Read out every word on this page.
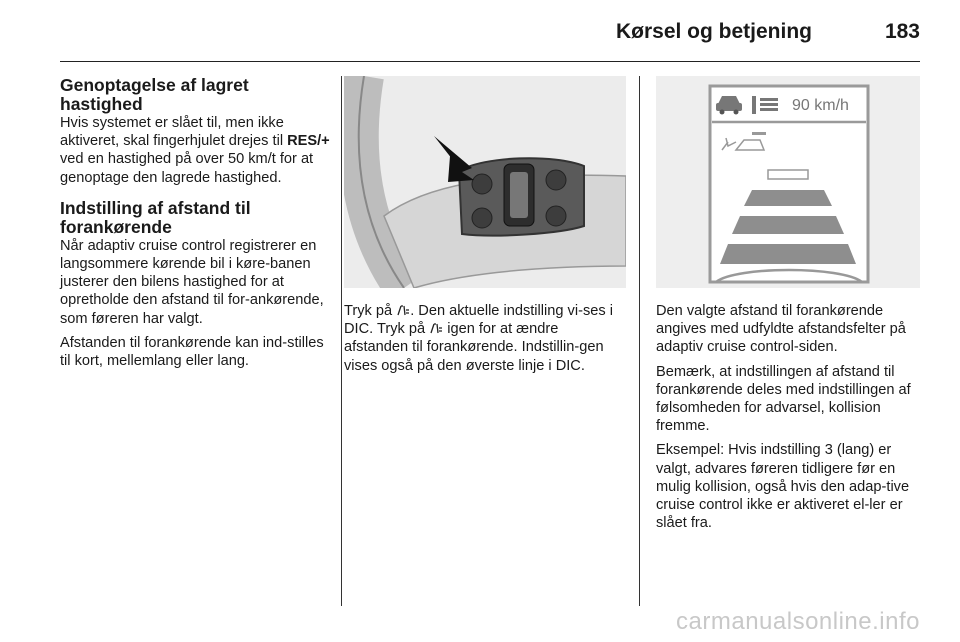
Kørsel og betjening	183
Genoptagelse af lagret
hastighed

Hvis systemet er slået til, men ikke aktiveret, skal fingerhjulet drejes til RES/+ ved en hastighed på over 50 km/t for at genoptage den lagrede hastighed.

Indstilling af afstand til
forankørende

Når adaptiv cruise control registrerer en langsommere kørende bil i køre-banen justerer den bilens hastighed for at opretholde den afstand til for-ankørende, som føreren har valgt.

Afstanden til forankørende kan ind-stilles til kort, mellemlang eller lang.

Tryk på . Den aktuelle indstilling vi-ses i DIC. Tryk på igen for at ændre afstanden til forankørende. Indstillin-gen vises også på den øverste linje i DIC.

90 km/h

Den valgte afstand til forankørende angives med udfyldte afstandsfelter på adaptiv cruise control-siden.

Bemærk, at indstillingen af afstand til forankørende deles med indstillingen af følsomheden for advarsel, kollision fremme.

Eksempel: Hvis indstilling 3 (lang) er valgt, advares føreren tidligere før en mulig kollision, også hvis den adap-tive cruise control ikke er aktiveret el-ler er slået fra.

carmanualsonline.info
